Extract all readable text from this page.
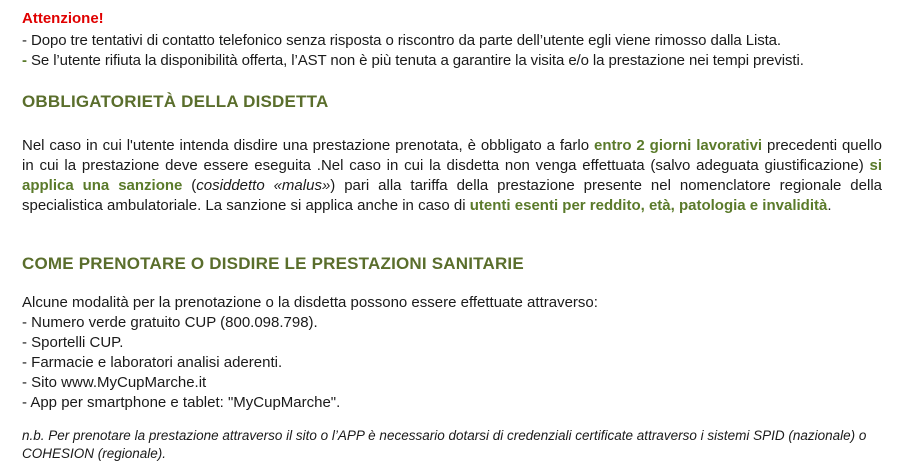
Attenzione!
- Dopo tre tentativi di contatto telefonico senza risposta o riscontro da parte dell’utente egli viene rimosso dalla Lista.
- Se l’utente rifiuta la disponibilità offerta, l’AST non è più tenuta a garantire la visita e/o la prestazione nei tempi previsti.
OBBLIGATORIETÀ DELLA DISDETTA
Nel caso in cui l'utente intenda disdire una prestazione prenotata, è obbligato a farlo entro 2 giorni lavorativi precedenti quello in cui la prestazione deve essere eseguita .Nel caso in cui la disdetta non venga effettuata (salvo adeguata giustificazione) si applica una sanzione (cosiddetto «malus») pari alla tariffa della prestazione presente nel nomenclatore regionale della specialistica ambulatoriale. La sanzione si applica anche in caso di utenti esenti per reddito, età, patologia e invalidità.
COME PRENOTARE O DISDIRE LE PRESTAZIONI SANITARIE
Alcune modalità per la prenotazione o la disdetta possono essere effettuate attraverso:
- Numero verde gratuito CUP (800.098.798).
- Sportelli CUP.
- Farmacie e laboratori analisi aderenti.
- Sito www.MyCupMarche.it
- App per smartphone e tablet: "MyCupMarche".
n.b. Per prenotare la prestazione attraverso il sito o l’APP è necessario dotarsi di credenziali certificate attraverso i sistemi SPID (nazionale) o COHESION (regionale).
